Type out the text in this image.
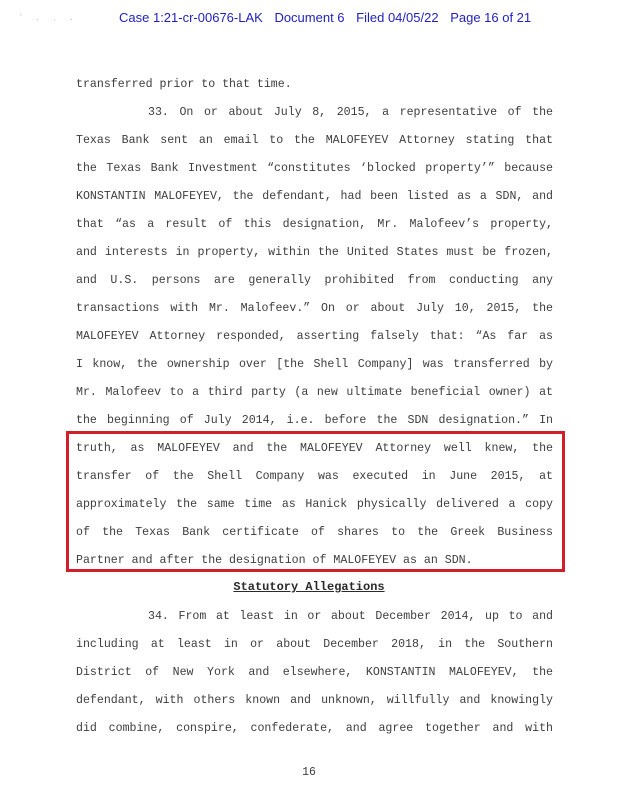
' . . .	Case 1:21-cr-00676-LAK Document 6 Filed 04/05/22 Page 16 of 21
transferred prior to that time.
33. On or about July 8, 2015, a representative of the
Texas Bank sent an email to the MALOFEYEV Attorney stating that
the Texas Bank Investment “constitutes ‘blocked property’” because
KONSTANTIN MALOFEYEV, the defendant, had been listed as a SDN, and
that “as a result of this designation, Mr. Malofeev’s property,
and interests in property, within the United States must be frozen,
and U.S. persons are generally prohibited from conducting any
transactions with Mr. Malofeev.” On or about July 10, 2015, the
MALOFEYEV Attorney responded, asserting falsely that: “As far as
I know, the ownership over [the Shell Company] was transferred by
Mr. Malofeev to a third party (a new ultimate beneficial owner) at
the beginning of July 2014, i.e. before the SDN designation.” In
truth, as MALOFEYEV and the MALOFEYEV Attorney well knew, the
transfer of the Shell Company was executed in June 2015, at
approximately the same time as Hanick physically delivered a copy
of the Texas Bank certificate of shares to the Greek Business
Partner and after the designation of MALOFEYEV as an SDN.
34. From at least in or about December 2014, up to and
including at least in or about December 2018, in the Southern
District of New York and elsewhere, KONSTANTIN MALOFEYEV, the
defendant, with others known and unknown, willfully and knowingly
did combine, conspire, confederate, and agree together and with
Statutory Allegations
16
